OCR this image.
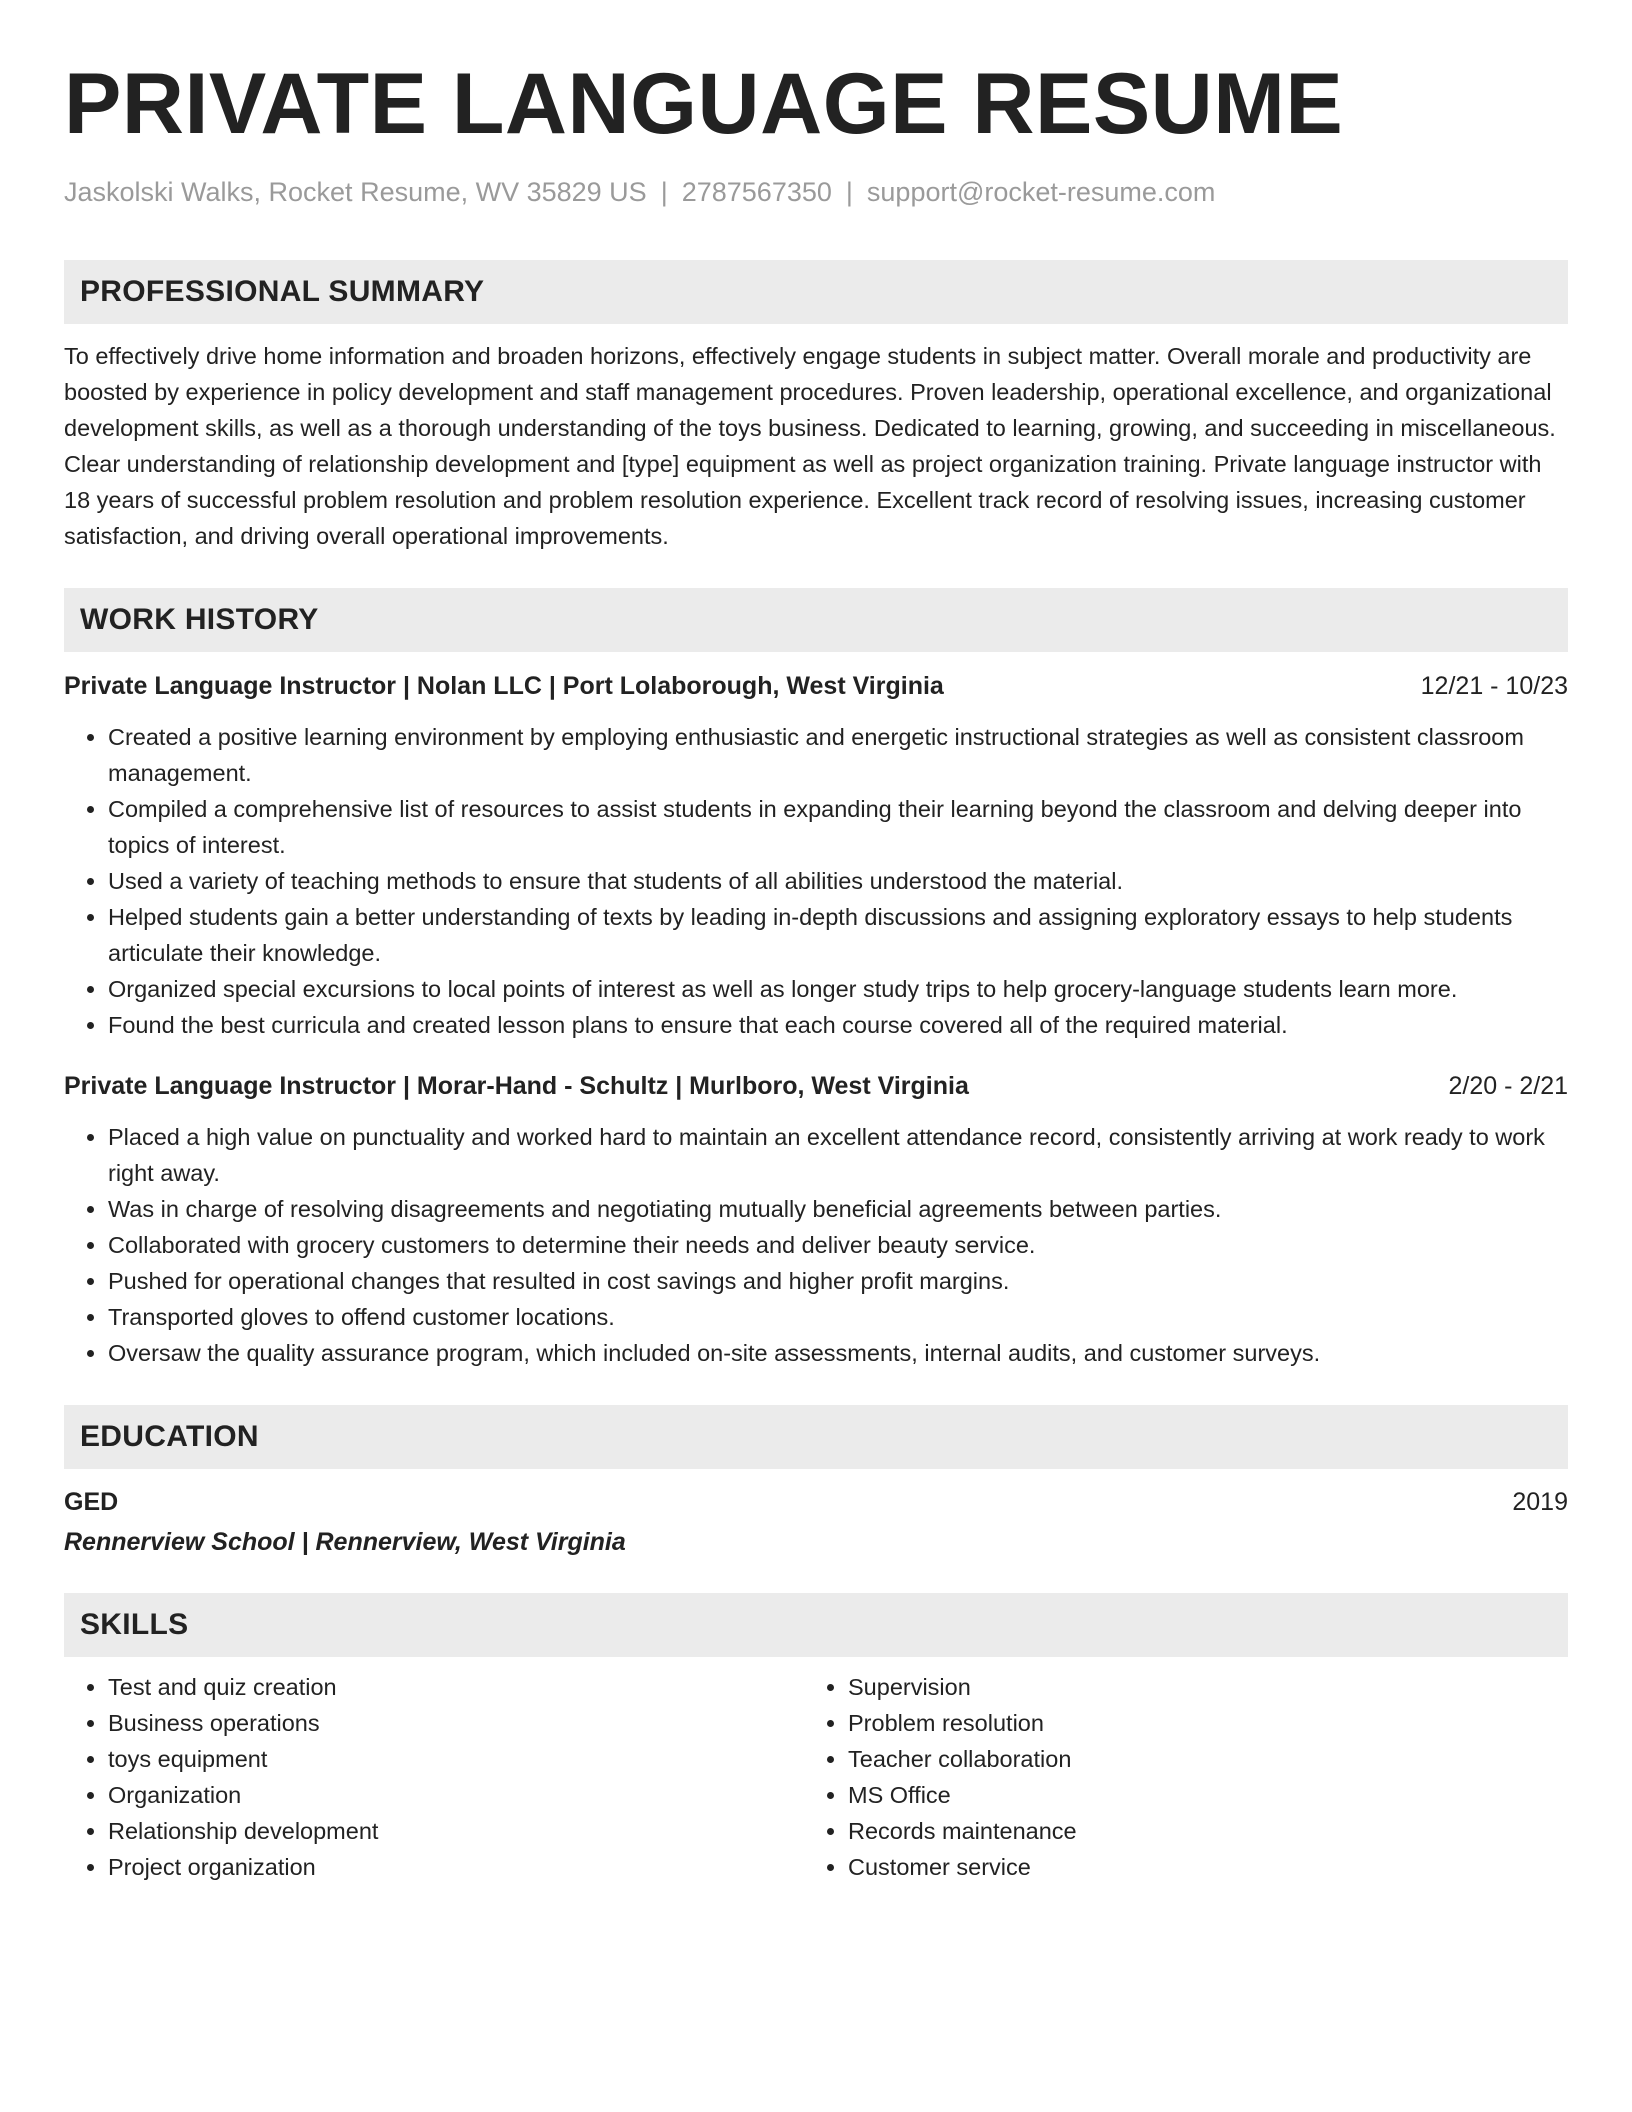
PRIVATE LANGUAGE RESUME
Jaskolski Walks, Rocket Resume, WV 35829 US | 2787567350 | support@rocket-resume.com
PROFESSIONAL SUMMARY
To effectively drive home information and broaden horizons, effectively engage students in subject matter. Overall morale and productivity are boosted by experience in policy development and staff management procedures. Proven leadership, operational excellence, and organizational development skills, as well as a thorough understanding of the toys business. Dedicated to learning, growing, and succeeding in miscellaneous. Clear understanding of relationship development and [type] equipment as well as project organization training. Private language instructor with 18 years of successful problem resolution and problem resolution experience. Excellent track record of resolving issues, increasing customer satisfaction, and driving overall operational improvements.
WORK HISTORY
Private Language Instructor | Nolan LLC | Port Lolaborough, West Virginia	12/21 - 10/23
• Created a positive learning environment by employing enthusiastic and energetic instructional strategies as well as consistent classroom management.
• Compiled a comprehensive list of resources to assist students in expanding their learning beyond the classroom and delving deeper into topics of interest.
• Used a variety of teaching methods to ensure that students of all abilities understood the material.
• Helped students gain a better understanding of texts by leading in-depth discussions and assigning exploratory essays to help students articulate their knowledge.
• Organized special excursions to local points of interest as well as longer study trips to help grocery-language students learn more.
• Found the best curricula and created lesson plans to ensure that each course covered all of the required material.
Private Language Instructor | Morar-Hand - Schultz | Murlboro, West Virginia	2/20 - 2/21
• Placed a high value on punctuality and worked hard to maintain an excellent attendance record, consistently arriving at work ready to work right away.
• Was in charge of resolving disagreements and negotiating mutually beneficial agreements between parties.
• Collaborated with grocery customers to determine their needs and deliver beauty service.
• Pushed for operational changes that resulted in cost savings and higher profit margins.
• Transported gloves to offend customer locations.
• Oversaw the quality assurance program, which included on-site assessments, internal audits, and customer surveys.
EDUCATION
GED	2019
Rennerview School | Rennerview, West Virginia
SKILLS
• Test and quiz creation
• Business operations
• toys equipment
• Organization
• Relationship development
• Project organization
• Supervision
• Problem resolution
• Teacher collaboration
• MS Office
• Records maintenance
• Customer service
